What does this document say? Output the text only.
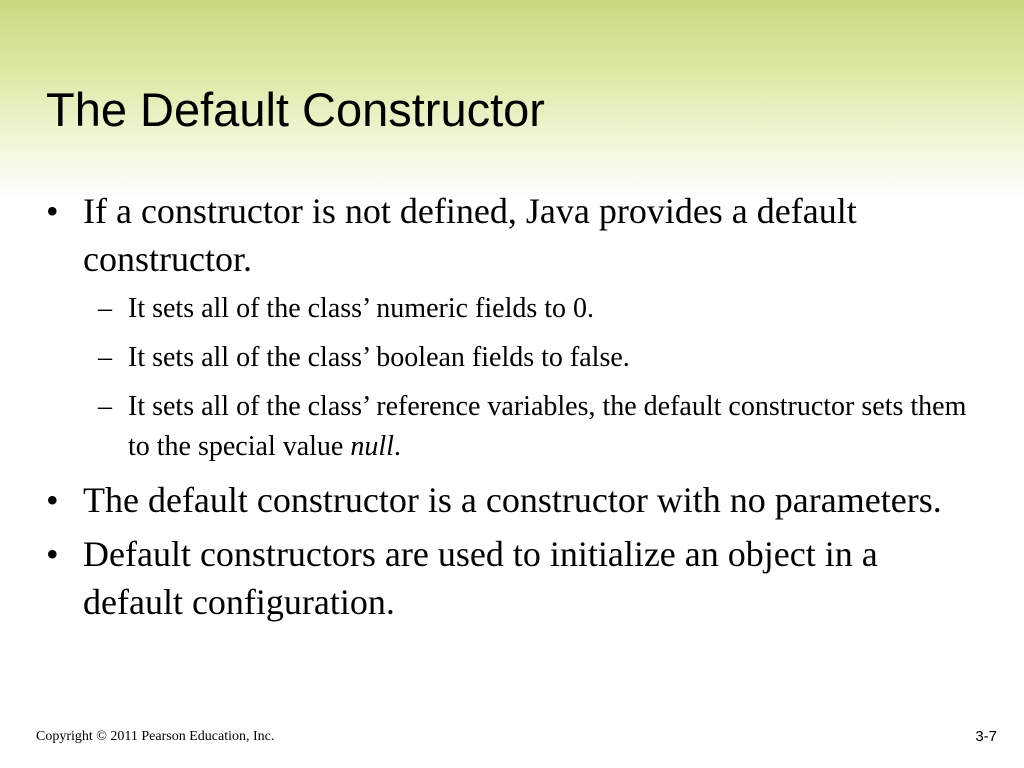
The Default Constructor
• If a constructor is not defined, Java provides a default constructor.
– It sets all of the class’ numeric fields to 0.
– It sets all of the class’ boolean fields to false.
– It sets all of the class’ reference variables, the default constructor sets them to the special value null.
• The default constructor is a constructor with no parameters.
• Default constructors are used to initialize an object in a default configuration.
Copyright © 2011 Pearson Education, Inc.	3-7
